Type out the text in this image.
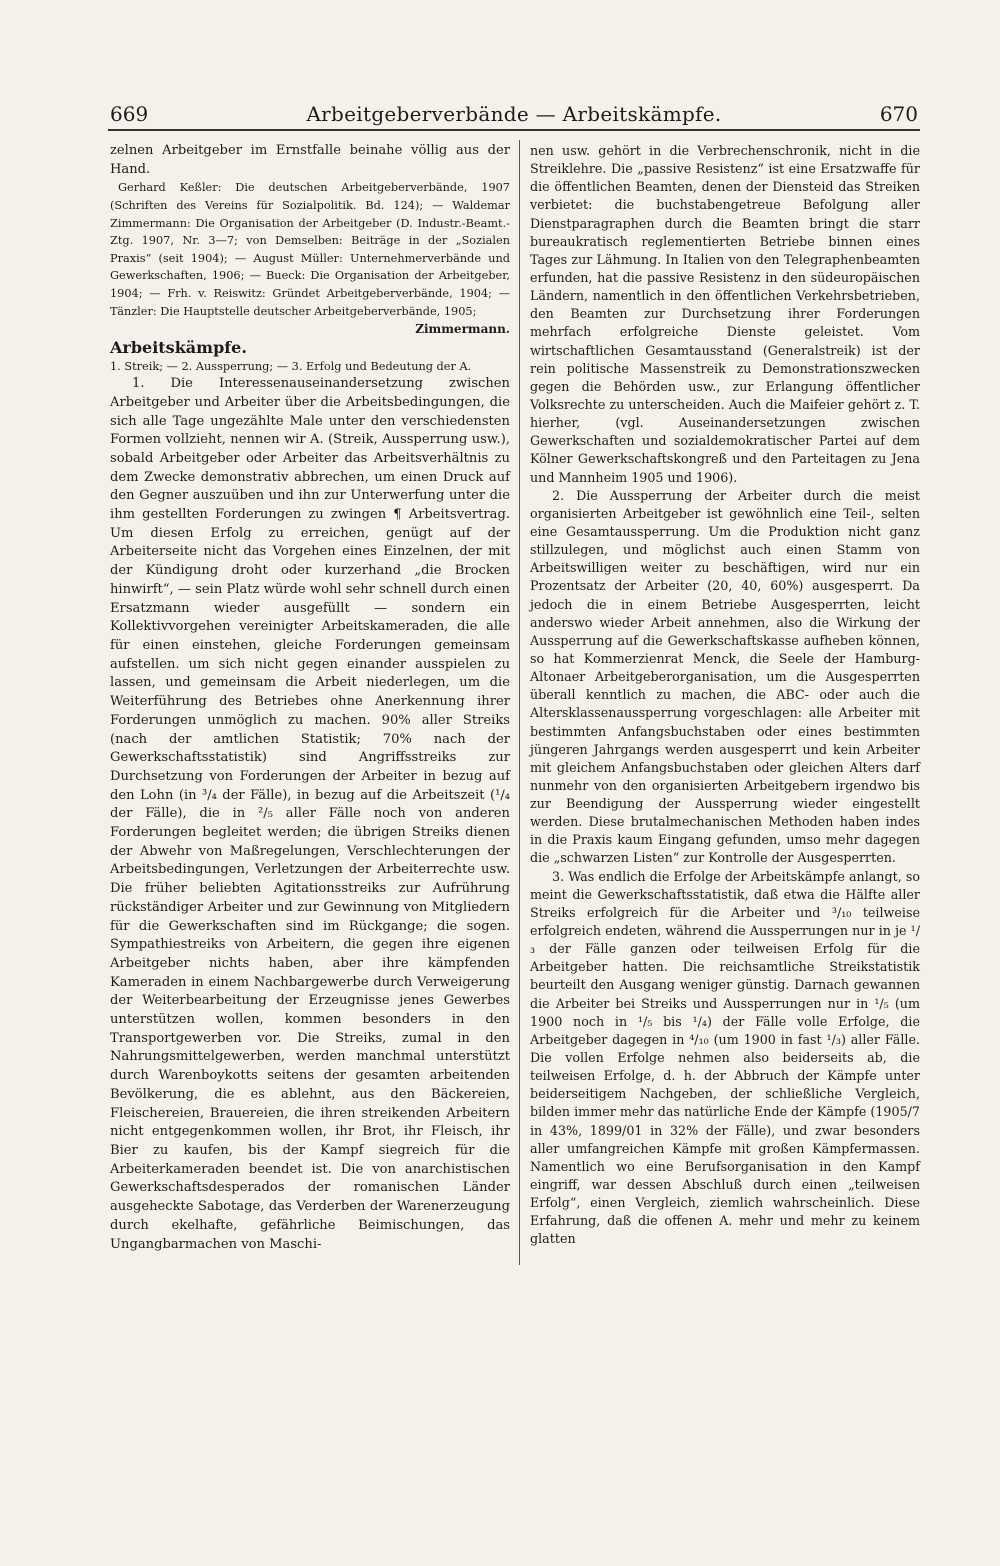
669	Arbeitgeberverbände — Arbeitskämpfe.	670

zelnen Arbeitgeber im Ernstfalle beinahe völlig aus der Hand.

Gerhard Keßler: Die deutschen Arbeitgeberverbände, 1907 (Schriften des Vereins für Sozialpolitik. Bd. 124); — Waldemar Zimmermann: Die Organisation der Arbeitgeber (D. Industr.-Beamt.-Ztg. 1907, Nr. 3—7; von Demselben: Beiträge in der „Sozialen Praxis“ (seit 1904); — August Müller: Unternehmerverbände und Gewerkschaften, 1906; — Bueck: Die Organisation der Arbeitgeber, 1904; — Frh. v. Reiswitz: Gründet Arbeitgeberverbände, 1904; — Tänzler: Die Hauptstelle deutscher Arbeitgeberverbände, 1905;

Zimmermann.

Arbeitskämpfe.

1. Streik; — 2. Aussperrung; — 3. Erfolg und Bedeutung der A.

1. Die Interessenauseinandersetzung zwischen Arbeitgeber und Arbeiter über die Arbeitsbedingungen, die sich alle Tage ungezählte Male unter den verschiedensten Formen vollzieht, nennen wir A. (Streik, Aussperrung usw.), sobald Arbeitgeber oder Arbeiter das Arbeitsverhältnis zu dem Zwecke demonstrativ abbrechen, um einen Druck auf den Gegner auszuüben und ihn zur Unterwerfung unter die ihm gestellten Forderungen zu zwingen ¶ Arbeitsvertrag. Um diesen Erfolg zu erreichen, genügt auf der Arbeiterseite nicht das Vorgehen eines Einzelnen, der mit der Kündigung droht oder kurzerhand „die Brocken hinwirft“, — sein Platz würde wohl sehr schnell durch einen Ersatzmann wieder ausgefüllt — sondern ein Kollektivvorgehen vereinigter Arbeitskameraden, die alle für einen einstehen, gleiche Forderungen gemeinsam aufstellen. um sich nicht gegen einander ausspielen zu lassen, und gemeinsam die Arbeit niederlegen, um die Weiterführung des Betriebes ohne Anerkennung ihrer Forderungen unmöglich zu machen. 90% aller Streiks (nach der amtlichen Statistik; 70% nach der Gewerkschaftsstatistik) sind Angriffsstreiks zur Durchsetzung von Forderungen der Arbeiter in bezug auf den Lohn (in ³/₄ der Fälle), in bezug auf die Arbeitszeit (¹/₄ der Fälle), die in ²/₅ aller Fälle noch von anderen Forderungen begleitet werden; die übrigen Streiks dienen der Abwehr von Maßregelungen, Verschlechterungen der Arbeitsbedingungen, Verletzungen der Arbeiterrechte usw. Die früher beliebten Agitationsstreiks zur Aufrührung rückständiger Arbeiter und zur Gewinnung von Mitgliedern für die Gewerkschaften sind im Rückgange; die sogen. Sympathiestreiks von Arbeitern, die gegen ihre eigenen Arbeitgeber nichts haben, aber ihre kämpfenden Kameraden in einem Nachbargewerbe durch Verweigerung der Weiterbearbeitung der Erzeugnisse jenes Gewerbes unterstützen wollen, kommen besonders in den Transportgewerben vor. Die Streiks, zumal in den Nahrungsmittelgewerben, werden manchmal unterstützt durch Warenboykotts seitens der gesamten arbeitenden Bevölkerung, die es ablehnt, aus den Bäckereien, Fleischereien, Brauereien, die ihren streikenden Arbeitern nicht entgegenkommen wollen, ihr Brot, ihr Fleisch, ihr Bier zu kaufen, bis der Kampf siegreich für die Arbeiterkameraden beendet ist. Die von anarchistischen Gewerkschaftsdesperados der romanischen Länder ausgeheckte Sabotage, das Verderben der Warenerzeugung durch ekelhafte, gefährliche Beimischungen, das Ungangbarmachen von Maschi-

nen usw. gehört in die Verbrechenschronik, nicht in die Streiklehre. Die „passive Resistenz“ ist eine Ersatzwaffe für die öffentlichen Beamten, denen der Diensteid das Streiken verbietet: die buchstabengetreue Befolgung aller Dienstparagraphen durch die Beamten bringt die starr bureaukratisch reglementierten Betriebe binnen eines Tages zur Lähmung. In Italien von den Telegraphenbeamten erfunden, hat die passive Resistenz in den südeuropäischen Ländern, namentlich in den öffentlichen Verkehrsbetrieben, den Beamten zur Durchsetzung ihrer Forderungen mehrfach erfolgreiche Dienste geleistet. Vom wirtschaftlichen Gesamtausstand (Generalstreik) ist der rein politische Massenstreik zu Demonstrationszwecken gegen die Behörden usw., zur Erlangung öffentlicher Volksrechte zu unterscheiden. Auch die Maifeier gehört z. T. hierher, (vgl. Auseinandersetzungen zwischen Gewerkschaften und sozialdemokratischer Partei auf dem Kölner Gewerkschaftskongreß und den Parteitagen zu Jena und Mannheim 1905 und 1906).

2. Die Aussperrung der Arbeiter durch die meist organisierten Arbeitgeber ist gewöhnlich eine Teil-, selten eine Gesamtaussperrung. Um die Produktion nicht ganz stillzulegen, und möglichst auch einen Stamm von Arbeitswilligen weiter zu beschäftigen, wird nur ein Prozentsatz der Arbeiter (20, 40, 60%) ausgesperrt. Da jedoch die in einem Betriebe Ausgesperrten, leicht anderswo wieder Arbeit annehmen, also die Wirkung der Aussperrung auf die Gewerkschaftskasse aufheben können, so hat Kommerzienrat Menck, die Seele der Hamburg-Altonaer Arbeitgeberorganisation, um die Ausgesperrten überall kenntlich zu machen, die ABC- oder auch die Altersklassenaussperrung vorgeschlagen: alle Arbeiter mit bestimmten Anfangsbuchstaben oder eines bestimmten jüngeren Jahrgangs werden ausgesperrt und kein Arbeiter mit gleichem Anfangsbuchstaben oder gleichen Alters darf nunmehr von den organisierten Arbeitgebern irgendwo bis zur Beendigung der Aussperrung wieder eingestellt werden. Diese brutalmechanischen Methoden haben indes in die Praxis kaum Eingang gefunden, umso mehr dagegen die „schwarzen Listen“ zur Kontrolle der Ausgesperrten.

3. Was endlich die Erfolge der Arbeitskämpfe anlangt, so meint die Gewerkschaftsstatistik, daß etwa die Hälfte aller Streiks erfolgreich für die Arbeiter und ³/₁₀ teilweise erfolgreich endeten, während die Aussperrungen nur in je ¹/₃ der Fälle ganzen oder teilweisen Erfolg für die Arbeitgeber hatten. Die reichsamtliche Streikstatistik beurteilt den Ausgang weniger günstig. Darnach gewannen die Arbeiter bei Streiks und Aussperrungen nur in ¹/₅ (um 1900 noch in ¹/₅ bis ¹/₄) der Fälle volle Erfolge, die Arbeitgeber dagegen in ⁴/₁₀ (um 1900 in fast ¹/₃) aller Fälle. Die vollen Erfolge nehmen also beiderseits ab, die teilweisen Erfolge, d. h. der Abbruch der Kämpfe unter beiderseitigem Nachgeben, der schließliche Vergleich, bilden immer mehr das natürliche Ende der Kämpfe (1905/7 in 43%, 1899/01 in 32% der Fälle), und zwar besonders aller umfangreichen Kämpfe mit großen Kämpfermassen. Namentlich wo eine Berufsorganisation in den Kampf eingriff, war dessen Abschluß durch einen „teilweisen Erfolg“, einen Vergleich, ziemlich wahrscheinlich. Diese Erfahrung, daß die offenen A. mehr und mehr zu keinem glatten
